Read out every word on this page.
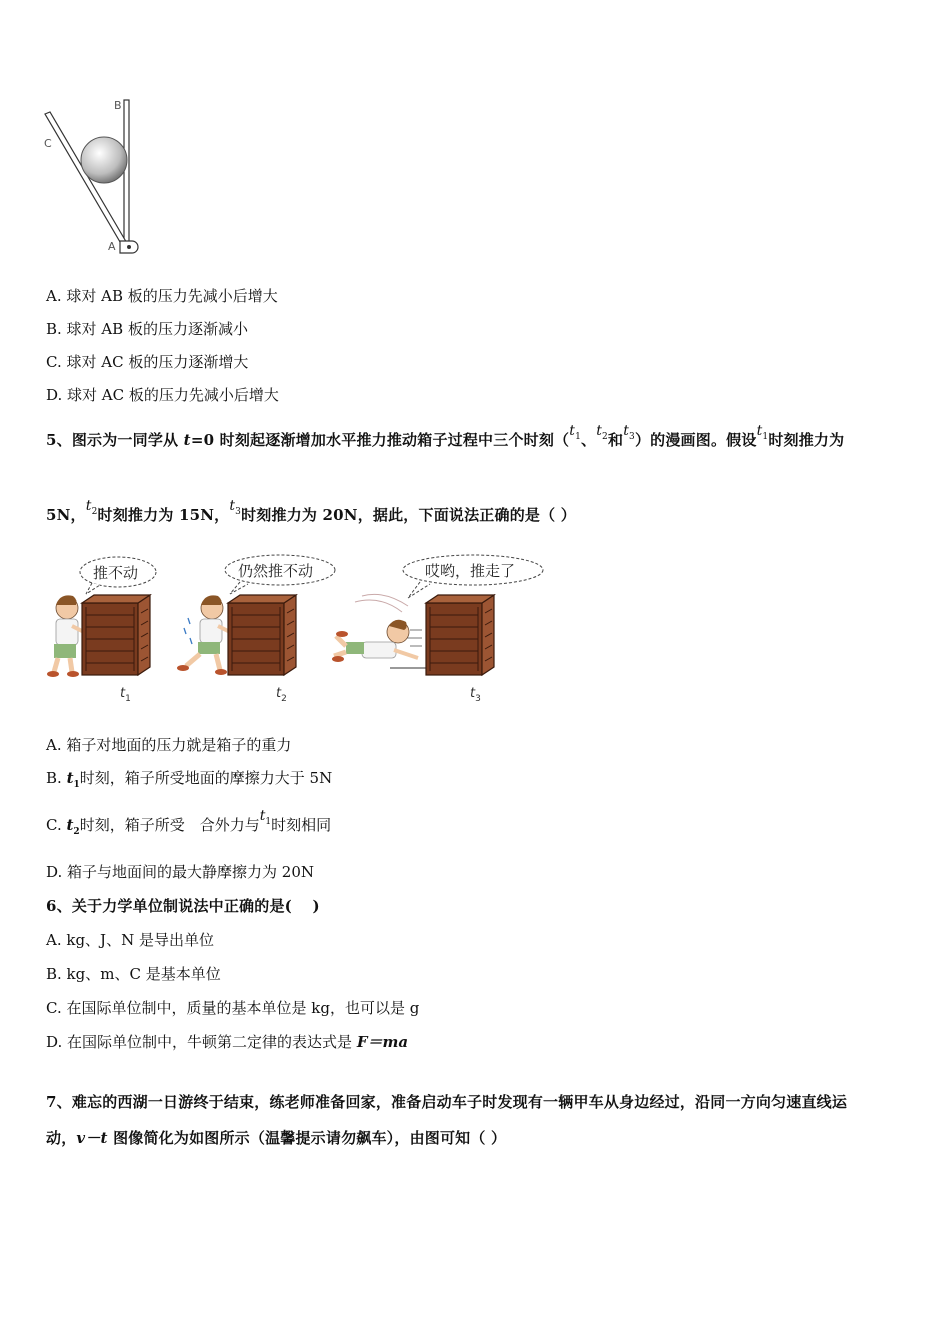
B
C
A
A. 球对 AB 板的压力先减小后增大
B. 球对 AB 板的压力逐渐减小
C. 球对 AC 板的压力逐渐增大
D. 球对 AC 板的压力先减小后增大
5、图示为一同学从 t=0 时刻起逐渐增加水平推力推动箱子过程中三个时刻（$t_1$、$t_2$和$t_3$）的漫画图。假设$t_1$时刻推力为
5N，$t_2$时刻推力为 15N，$t_3$时刻推力为 20N，据此，下面说法正确的是（ ）
推不动	仍然推不动	哎哟，推走了
$t_1$	$t_2$	$t_3$
A. 箱子对地面的压力就是箱子的重力
B. $t_1$时刻，箱子所受地面的摩擦力大于 5N
C. $t_2$时刻，箱子所受　合外力与$t_1$时刻相同
D. 箱子与地面间的最大静摩擦力为 20N
6、关于力学单位制说法中正确的是(　 )
A. kg、J、N 是导出单位
B. kg、m、C 是基本单位
C. 在国际单位制中，质量的基本单位是 kg，也可以是 g
D. 在国际单位制中，牛顿第二定律的表达式是 F＝ma
7、难忘的西湖一日游终于结束，练老师准备回家，准备启动车子时发现有一辆甲车从身边经过，沿同一方向匀速直线运
动，v－t 图像简化为如图所示（温馨提示请勿飙车），由图可知（ ）
